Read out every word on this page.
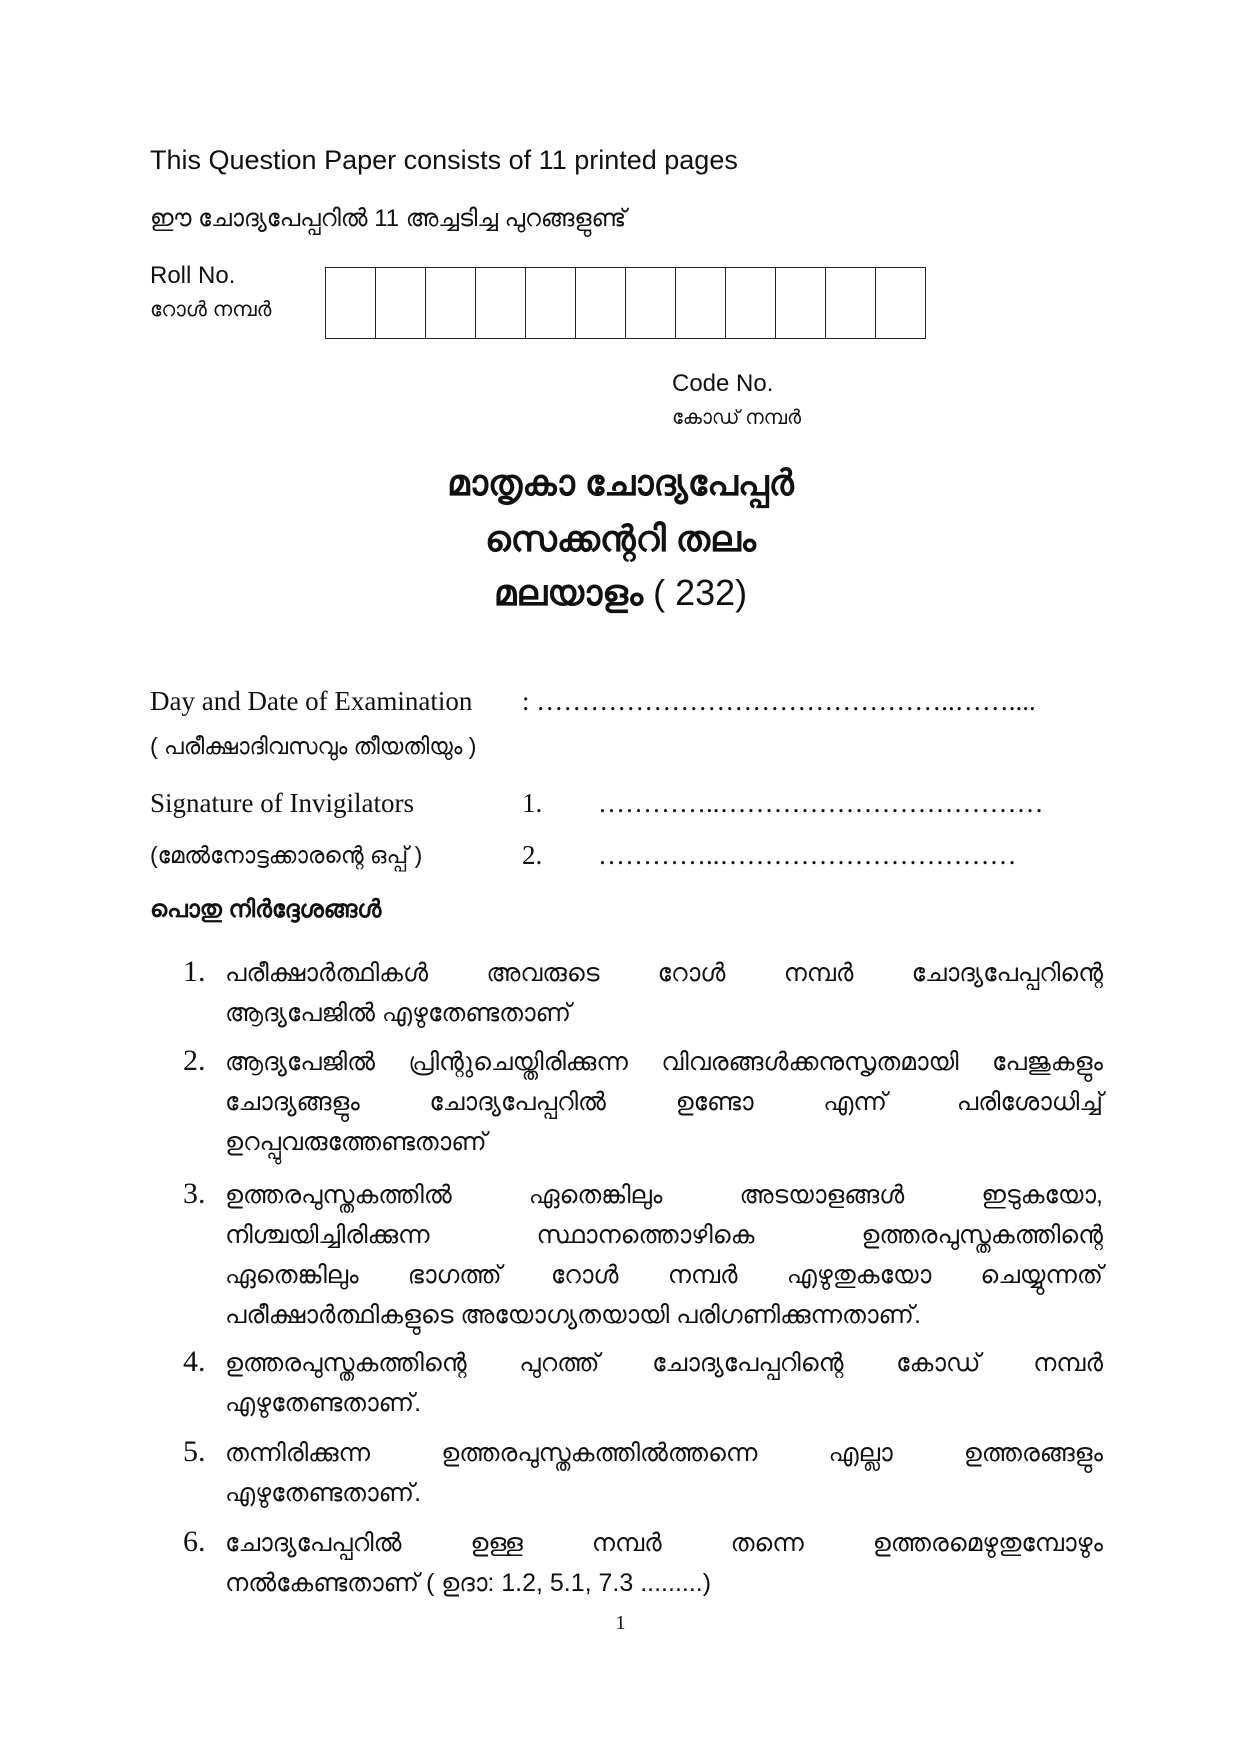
This Question Paper consists of 11 printed pages
ഈ ചോദ്യപേപ്പറിൽ 11 അച്ചടിച്ച പുറങ്ങളുണ്ട്
Roll No.
റോൾ നമ്പർ
Code No.
കോഡ് നമ്പർ
മാതൃകാ ചോദ്യപേപ്പർ
സെക്കന്ററി തലം
മലയാളം ( 232)
Day and Date of Examination : ………………………………………..……....
( പരീക്ഷാദിവസവും തീയതിയും )
Signature of Invigilators	1. …………..………………………………
(മേൽനോട്ടക്കാരന്റെ ഒപ്പ് )	2. …………..……………………………
പൊതു നിർദ്ദേശങ്ങൾ
1. പരീക്ഷാർത്ഥികൾ അവരുടെ റോൾ നമ്പർ ചോദ്യപേപ്പറിന്റെ
ആദ്യപേജിൽ എഴുതേണ്ടതാണ്
2. ആദ്യപേജിൽ പ്രിന്റുചെയ്തിരിക്കുന്ന വിവരങ്ങൾക്കനുസൃതമായി പേജുകളും
ചോദ്യങ്ങളും	ചോദ്യപേപ്പറിൽ	ഉണ്ടോ	എന്ന്	പരിശോധിച്ച്
ഉറപ്പുവരുത്തേണ്ടതാണ്
3. ഉത്തരപുസ്തകത്തിൽ	ഏതെങ്കിലും	അടയാളങ്ങൾ	ഇടുകയോ,
നിശ്ചയിച്ചിരിക്കുന്ന	സ്ഥാനത്തൊഴികെ	ഉത്തരപുസ്തകത്തിന്റെ
ഏതെങ്കിലും ഭാഗത്ത് റോൾ നമ്പർ എഴുതുകയോ ചെയ്യുന്നത്
പരീക്ഷാർത്ഥികളുടെ അയോഗ്യതയായി പരിഗണിക്കുന്നതാണ്.
4. ഉത്തരപുസ്തകത്തിന്റെ പുറത്ത് ചോദ്യപേപ്പറിന്റെ കോഡ് നമ്പർ
എഴുതേണ്ടതാണ്.
5. തന്നിരിക്കുന്ന	ഉത്തരപുസ്തകത്തിൽത്തന്നെ	എല്ലാ	ഉത്തരങ്ങളും
എഴുതേണ്ടതാണ്.
6. ചോദ്യപേപ്പറിൽ	ഉള്ള	നമ്പർ	തന്നെ	ഉത്തരമെഴുതുമ്പോഴും
നൽകേണ്ടതാണ് ( ഉദാ: 1.2, 5.1, 7.3 .........)
1
